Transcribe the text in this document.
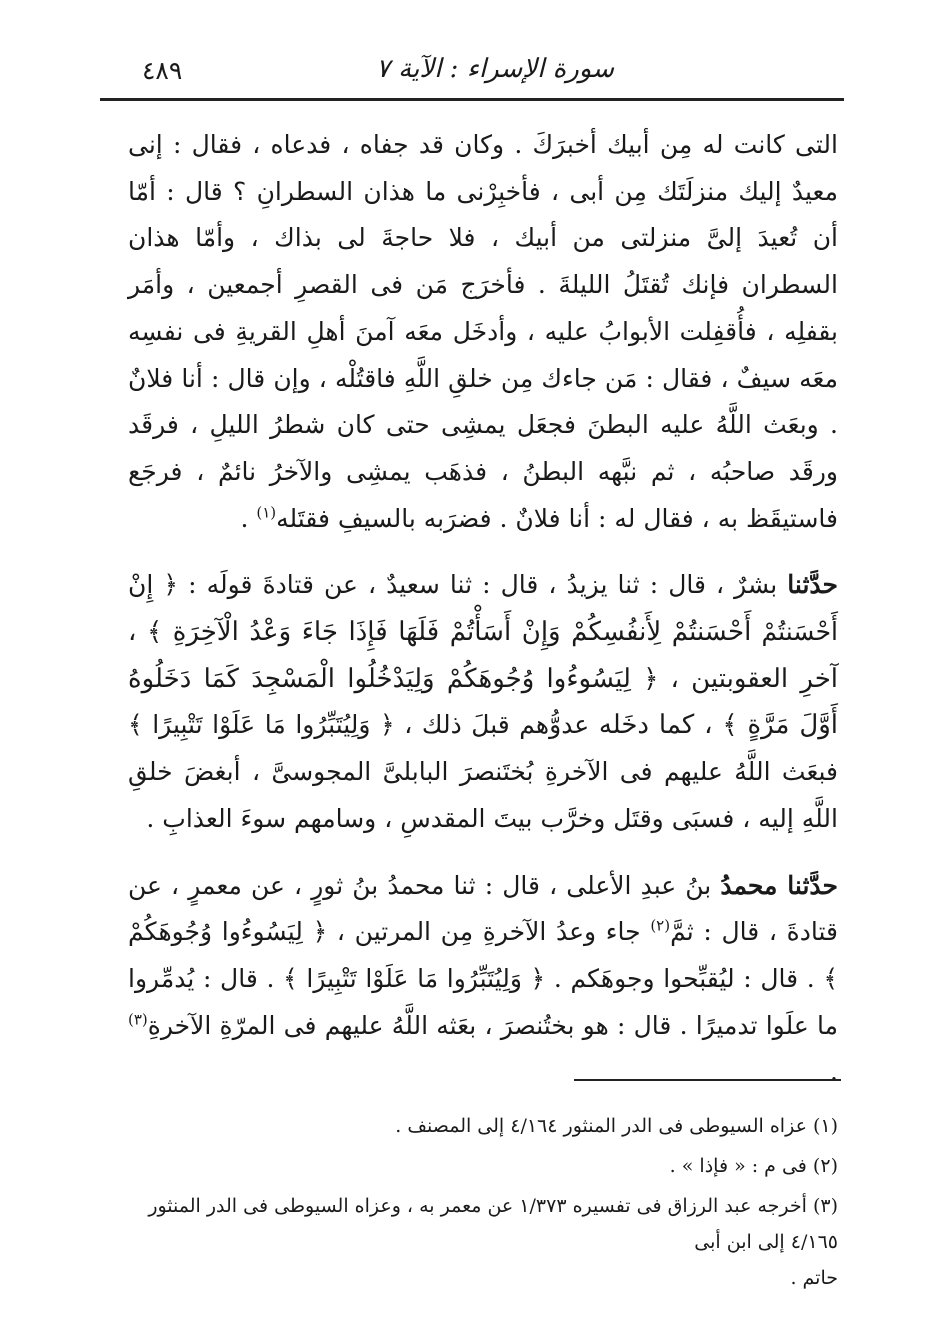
٤٨٩	سورة الإسراء : الآية ٧

التى كانت له مِن أبيك أخبرَكَ . وكان قد جفاه ، فدعاه ، فقال : إنى معيدٌ إليك منزلَتَك مِن أبى ، فأخبِرْنى ما هذان السطرانِ ؟ قال : أمّا أن تُعيدَ إلىَّ منزلتى من أبيك ، فلا حاجةَ لى بذاك ، وأمّا هذان السطران فإنك تُقتَلُ الليلةَ . فأخرَج مَن فى القصرِ أجمعين ، وأمَر بقفلِه ، فأُقفِلت الأبوابُ عليه ، وأدخَل معَه آمنَ أهلِ القريةِ فى نفسِه معَه سيفٌ ، فقال : مَن جاءك مِن خلقِ اللَّهِ فاقتُلْه ، وإن قال : أنا فلانٌ . وبعَث اللَّهُ عليه البطنَ فجعَل يمشِى حتى كان شطرُ الليلِ ، فرقَد ورقَد صاحبُه ، ثم نبَّهه البطنُ ، فذهَب يمشِى والآخرُ نائمٌ ، فرجَع فاستيقَظ به ، فقال له : أنا فلانٌ . فضرَبه بالسيفِ فقتَله$^{(١)}$ .

حدَّثنا بشرٌ ، قال : ثنا يزيدُ ، قال : ثنا سعيدٌ ، عن قتادةَ قولَه : ﴿ إِنْ أَحْسَنتُمْ أَحْسَنتُمْ لِأَنفُسِكُمْ وَإِنْ أَسَأْتُمْ فَلَهَا فَإِذَا جَاءَ وَعْدُ الْآخِرَةِ ﴾ ، آخرِ العقوبتين ، ﴿ لِيَسُوءُوا وُجُوهَكُمْ وَلِيَدْخُلُوا الْمَسْجِدَ كَمَا دَخَلُوهُ أَوَّلَ مَرَّةٍ ﴾ ، كما دخَله عدوُّهم قبلَ ذلك ، ﴿ وَلِيُتَبِّرُوا مَا عَلَوْا تَتْبِيرًا ﴾ فبعَث اللَّهُ عليهم فى الآخرةِ بُختَنصرَ البابلىَّ المجوسىَّ ، أبغضَ خلقِ اللَّهِ إليه ، فسبَى وقتَل وخرَّب بيتَ المقدسِ ، وسامهم سوءَ العذابِ .

حدَّثنا محمدُ بنُ عبدِ الأعلى ، قال : ثنا محمدُ بنُ ثورٍ ، عن معمرٍ ، عن قتادةَ ، قال : ثمَّ$^{(٢)}$ جاء وعدُ الآخرةِ مِن المرتين ، ﴿ لِيَسُوءُوا وُجُوهَكُمْ ﴾ . قال : ليُقبِّحوا وجوهَكم . ﴿ وَلِيُتَبِّرُوا مَا عَلَوْا تَتْبِيرًا ﴾ . قال : يُدمِّروا ما علَوا تدميرًا . قال : هو بختُنصرَ ، بعَثه اللَّهُ عليهم فى المرّةِ الآخرةِ$^{(٣)}$ .

(١) عزاه السيوطى فى الدر المنثور ٤/١٦٤ إلى المصنف .

(٢) فى م : « فإذا » .

(٣) أخرجه عبد الرزاق فى تفسيره ١/٣٧٣ عن معمر به ، وعزاه السيوطى فى الدر المنثور ٤/١٦٥ إلى ابن أبى
حاتم .
